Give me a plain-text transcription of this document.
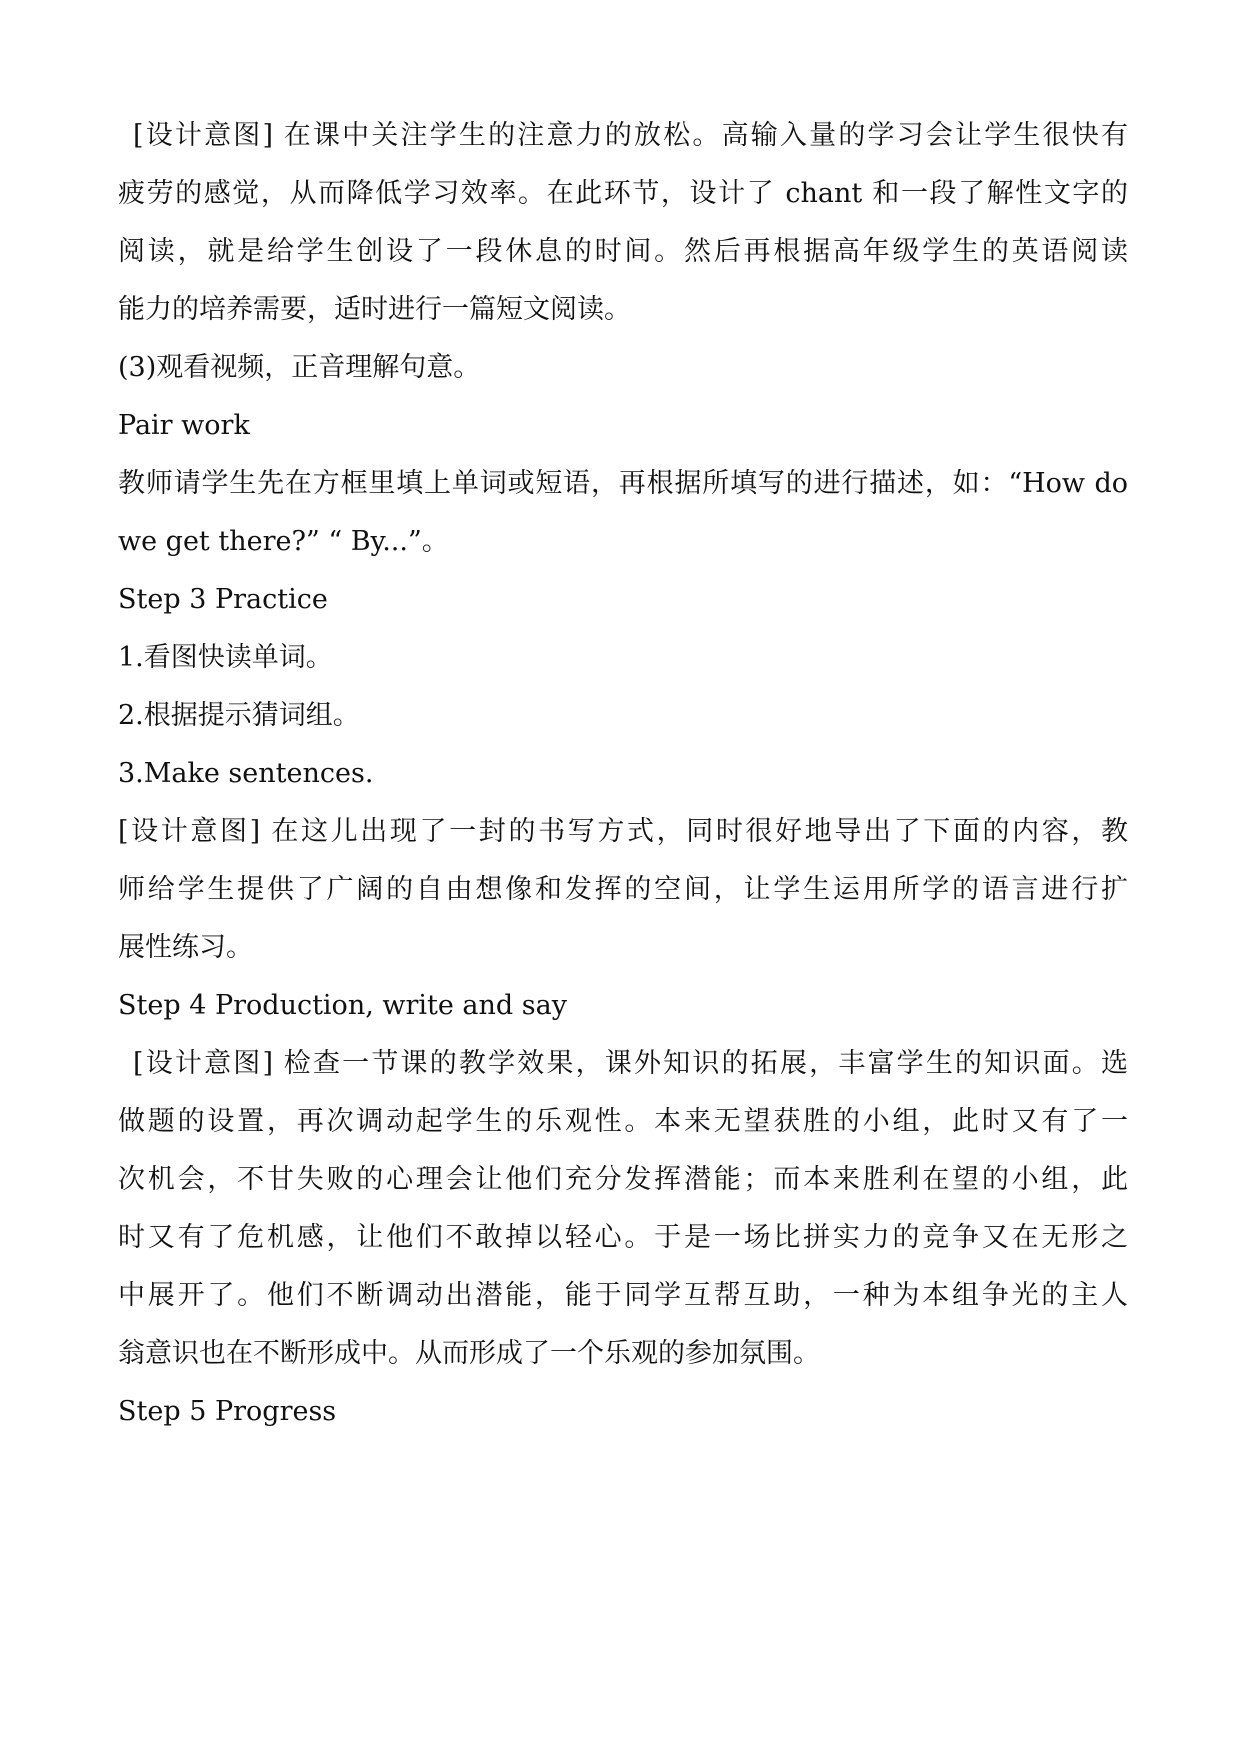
[设计意图] 在课中关注学生的注意力的放松。高输入量的学习会让学生很快有
疲劳的感觉，从而降低学习效率。在此环节，设计了 chant 和一段了解性文字的
阅读，就是给学生创设了一段休息的时间。然后再根据高年级学生的英语阅读
能力的培养需要，适时进行一篇短文阅读。
(3)观看视频，正音理解句意。
Pair work
教师请学生先在方框里填上单词或短语，再根据所填写的进行描述，如：“How do
we get there?” “ By...”。
Step 3 Practice
1.看图快读单词。
2.根据提示猜词组。
3.Make sentences.
[设计意图] 在这儿出现了一封的书写方式，同时很好地导出了下面的内容，教
师给学生提供了广阔的自由想像和发挥的空间，让学生运用所学的语言进行扩
展性练习。
Step 4 Production, write and say
[设计意图] 检查一节课的教学效果，课外知识的拓展，丰富学生的知识面。选
做题的设置，再次调动起学生的乐观性。本来无望获胜的小组，此时又有了一
次机会，不甘失败的心理会让他们充分发挥潜能；而本来胜利在望的小组，此
时又有了危机感，让他们不敢掉以轻心。于是一场比拼实力的竞争又在无形之
中展开了。他们不断调动出潜能，能于同学互帮互助，一种为本组争光的主人
翁意识也在不断形成中。从而形成了一个乐观的参加氛围。
Step 5 Progress
